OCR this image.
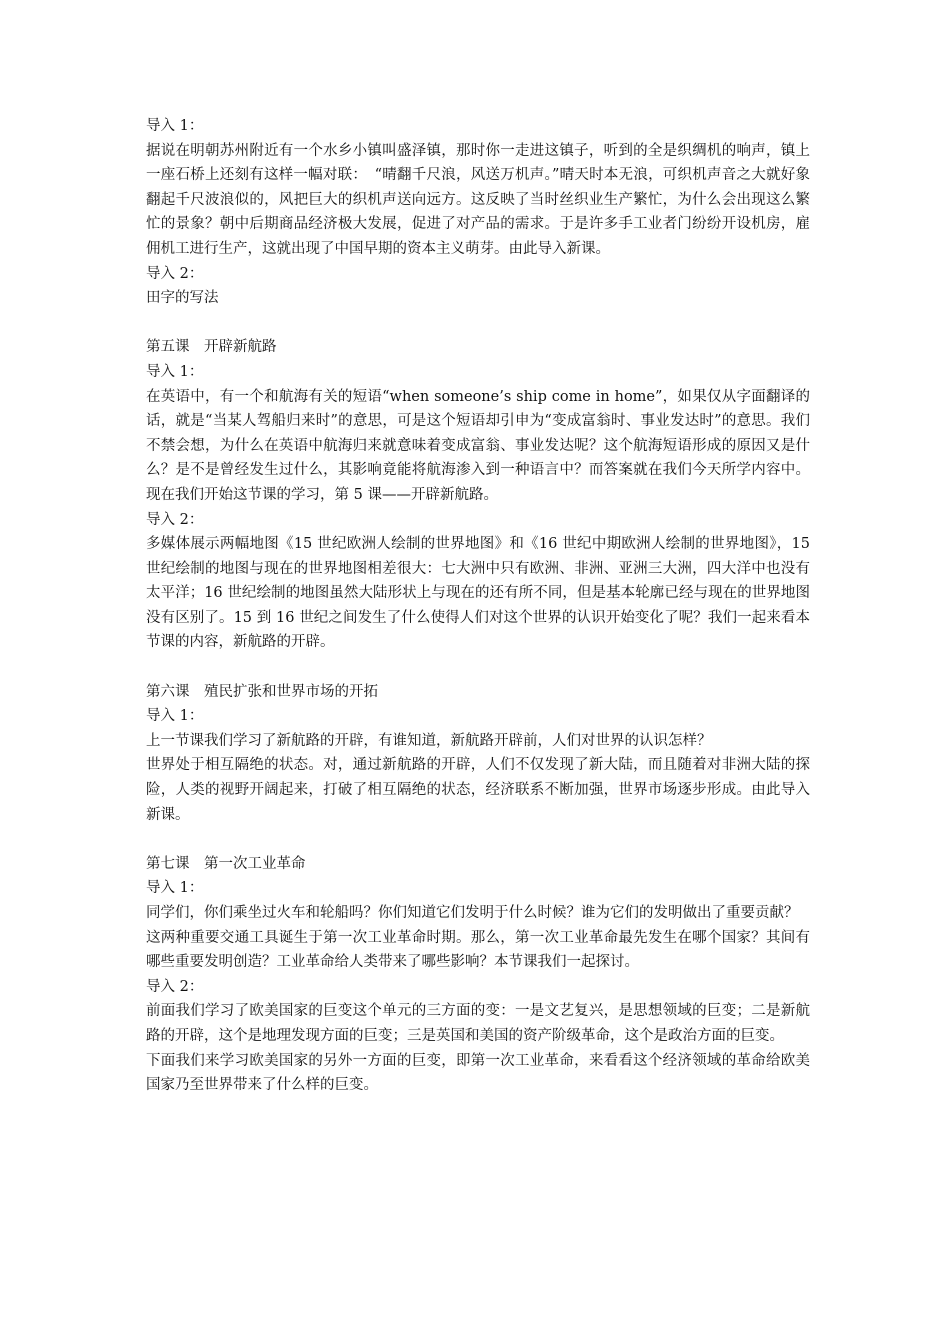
导入 1：

据说在明朝苏州附近有一个水乡小镇叫盛泽镇，那时你一走进这镇子，听到的全是织绸机的响声，镇上一座石桥上还刻有这样一幅对联：　“晴翻千尺浪，风送万机声。”晴天时本无浪，可织机声音之大就好象翻起千尺波浪似的，风把巨大的织机声送向远方。这反映了当时丝织业生产繁忙，为什么会出现这么繁忙的景象？朝中后期商品经济极大发展，促进了对产品的需求。于是许多手工业者门纷纷开设机房，雇佣机工进行生产，这就出现了中国早期的资本主义萌芽。由此导入新课。

导入 2：

田字的写法

第五课　开辟新航路

导入 1：

在英语中，有一个和航海有关的短语“when someone’s ship come in home”，如果仅从字面翻译的话，就是“当某人驾船归来时”的意思，可是这个短语却引申为“变成富翁时、事业发达时”的意思。我们不禁会想，为什么在英语中航海归来就意味着变成富翁、事业发达呢？这个航海短语形成的原因又是什么？是不是曾经发生过什么，其影响竟能将航海渗入到一种语言中？而答案就在我们今天所学内容中。现在我们开始这节课的学习，第 5 课——开辟新航路。

导入 2：

多媒体展示两幅地图《15 世纪欧洲人绘制的世界地图》和《16 世纪中期欧洲人绘制的世界地图》，15　世纪绘制的地图与现在的世界地图相差很大：七大洲中只有欧洲、非洲、亚洲三大洲，四大洋中也没有太平洋；16 世纪绘制的地图虽然大陆形状上与现在的还有所不同，但是基本轮廓已经与现在的世界地图没有区别了。15 到 16 世纪之间发生了什么使得人们对这个世界的认识开始变化了呢？我们一起来看本节课的内容，新航路的开辟。

第六课　殖民扩张和世界市场的开拓

导入 1：

上一节课我们学习了新航路的开辟，有谁知道，新航路开辟前，人们对世界的认识怎样？

世界处于相互隔绝的状态。对，通过新航路的开辟，人们不仅发现了新大陆，而且随着对非洲大陆的探险，人类的视野开阔起来，打破了相互隔绝的状态，经济联系不断加强，世界市场逐步形成。由此导入新课。

第七课　第一次工业革命

导入 1：

同学们，你们乘坐过火车和轮船吗？你们知道它们发明于什么时候？谁为它们的发明做出了重要贡献？

这两种重要交通工具诞生于第一次工业革命时期。那么，第一次工业革命最先发生在哪个国家？其间有哪些重要发明创造？工业革命给人类带来了哪些影响？本节课我们一起探讨。

导入 2：

前面我们学习了欧美国家的巨变这个单元的三方面的变：一是文艺复兴，是思想领域的巨变；二是新航路的开辟，这个是地理发现方面的巨变；三是英国和美国的资产阶级革命，这个是政治方面的巨变。

下面我们来学习欧美国家的另外一方面的巨变，即第一次工业革命，来看看这个经济领域的革命给欧美国家乃至世界带来了什么样的巨变。
